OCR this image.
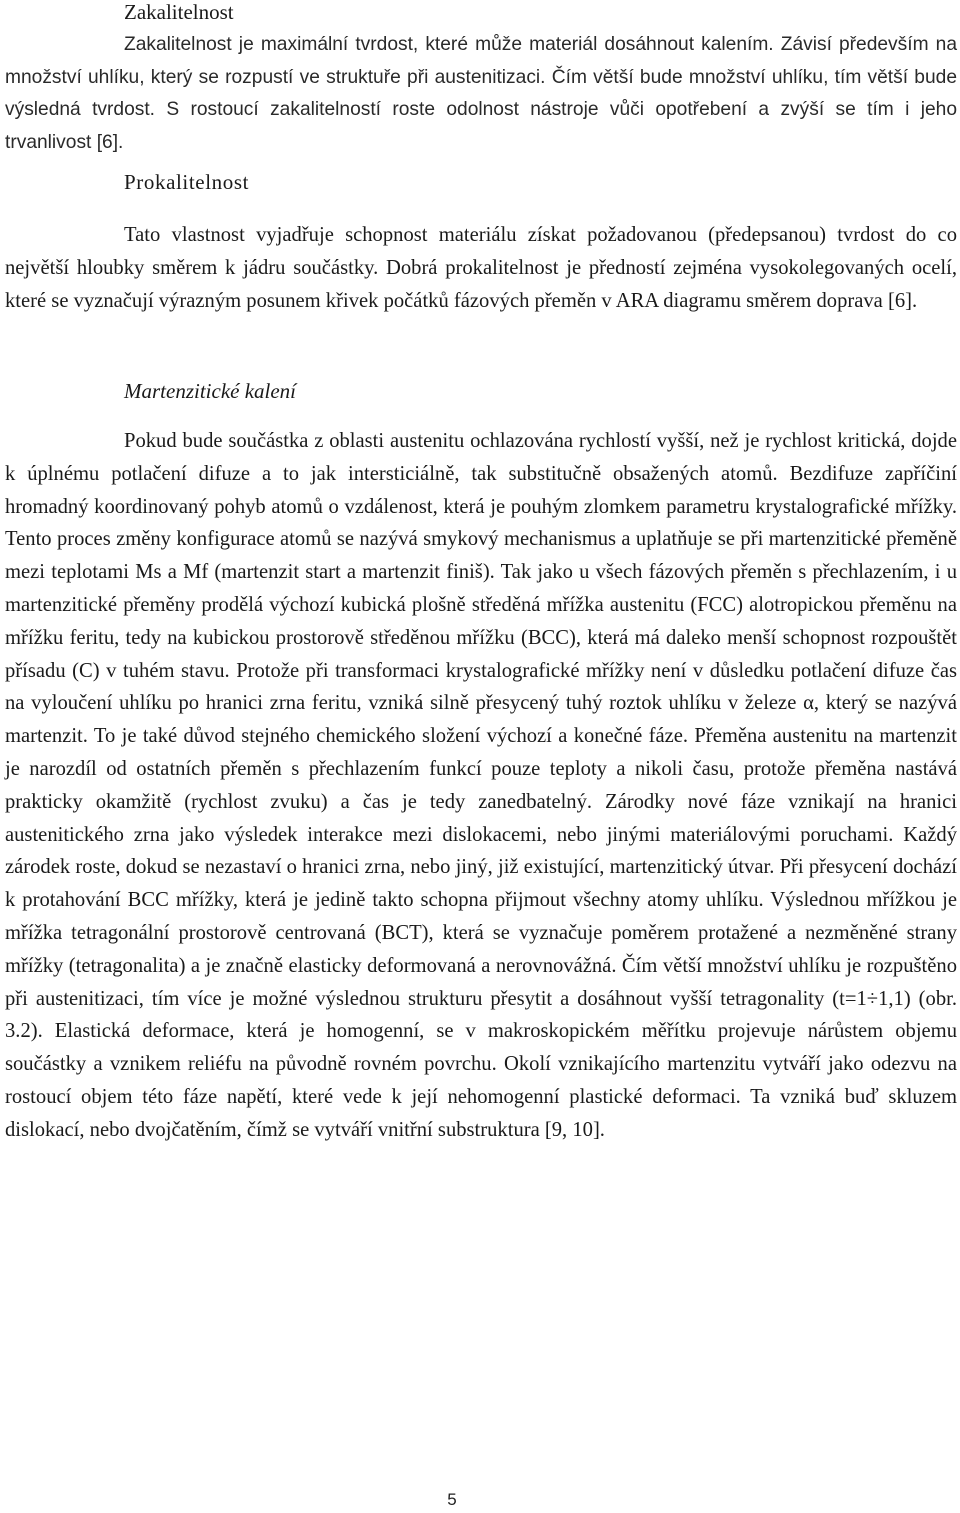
Zakalitelnost

Zakalitelnost je maximální tvrdost, které může materiál dosáhnout kalením. Závisí především na množství uhlíku, který se rozpustí ve struktuře při austenitizaci. Čím větší bude množství uhlíku, tím větší bude výsledná tvrdost. S rostoucí zakalitelností roste odolnost nástroje vůči opotřebení a zvýší se tím i jeho trvanlivost [6].

Prokalitelnost

Tato vlastnost vyjadřuje schopnost materiálu získat požadovanou (předepsanou) tvrdost do co největší hloubky směrem k jádru součástky. Dobrá prokalitelnost je předností zejména vysokolegovaných ocelí, které se vyznačují výrazným posunem křivek počátků fázových přeměn v ARA diagramu směrem doprava [6].

Martenzitické kalení

Pokud bude součástka z oblasti austenitu ochlazována rychlostí vyšší, než je rychlost kritická, dojde k úplnému potlačení difuze a to jak intersticiálně, tak substitučně obsažených atomů. Bezdifuze zapříčiní hromadný koordinovaný pohyb atomů o vzdálenost, která je pouhým zlomkem parametru krystalografické mřížky. Tento proces změny konfigurace atomů se nazývá smykový mechanismus a uplatňuje se při martenzitické přeměně mezi teplotami Ms a Mf (martenzit start a martenzit finiš). Tak jako u všech fázových přeměn s přechlazením, i u martenzitické přeměny prodělá výchozí kubická plošně středěná mřížka austenitu (FCC) alotropickou přeměnu na mřížku feritu, tedy na kubickou prostorově středěnou mřížku (BCC), která má daleko menší schopnost rozpouštět přísadu (C) v tuhém stavu. Protože při transformaci krystalografické mřížky není v důsledku potlačení difuze čas na vyloučení uhlíku po hranici zrna feritu, vzniká silně přesycený tuhý roztok uhlíku v železe α, který se nazývá martenzit. To je také důvod stejného chemického složení výchozí a konečné fáze. Přeměna austenitu na martenzit je narozdíl od ostatních přeměn s přechlazením funkcí pouze teploty a nikoli času, protože přeměna nastává prakticky okamžitě (rychlost zvuku) a čas je tedy zanedbatelný. Zárodky nové fáze vznikají na hranici austenitického zrna jako výsledek interakce mezi dislokacemi, nebo jinými materiálovými poruchami. Každý zárodek roste, dokud se nezastaví o hranici zrna, nebo jiný, již existující, martenzitický útvar. Při přesycení dochází k protahování BCC mřížky, která je jedině takto schopna přijmout všechny atomy uhlíku. Výslednou mřížkou je mřížka tetragonální prostorově centrovaná (BCT), která se vyznačuje poměrem protažené a nezměněné strany mřížky (tetragonalita) a je značně elasticky deformovaná a nerovnovážná. Čím větší množství uhlíku je rozpuštěno při austenitizaci, tím více je možné výslednou strukturu přesytit a dosáhnout vyšší tetragonality (t=1÷1,1) (obr. 3.2). Elastická deformace, která je homogenní, se v makroskopickém měřítku projevuje nárůstem objemu součástky a vznikem reliéfu na původně rovném povrchu. Okolí vznikajícího martenzitu vytváří jako odezvu na rostoucí objem této fáze napětí, které vede k její nehomogenní plastické deformaci. Ta vzniká buď skluzem dislokací, nebo dvojčatěním, čímž se vytváří vnitřní substruktura [9, 10].

5
